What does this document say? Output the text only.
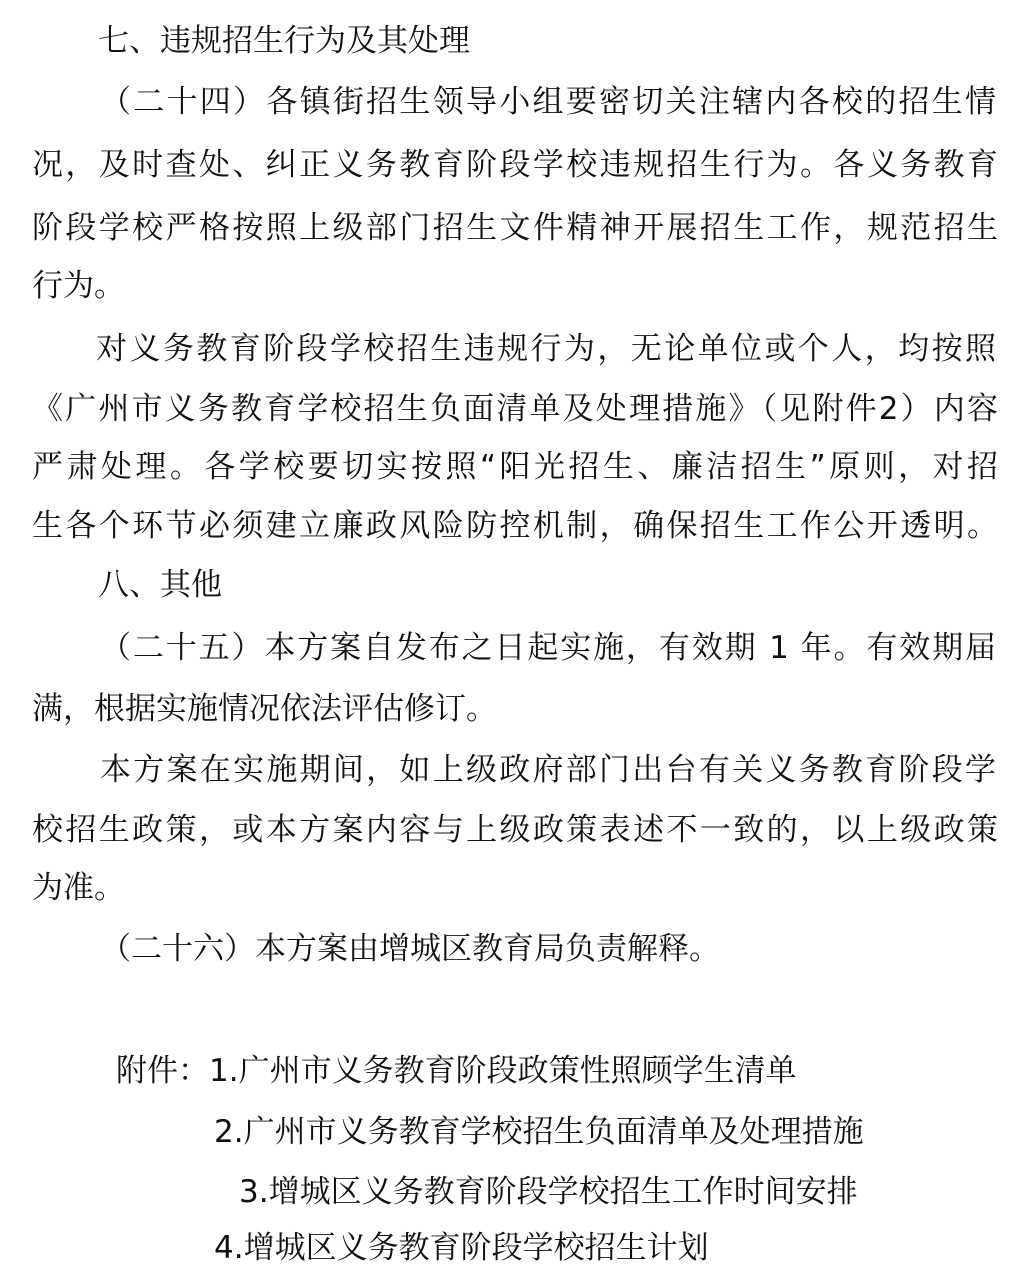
七、违规招生行为及其处理
（二十四）各镇街招生领导小组要密切关注辖内各校的招生情
况，及时查处、纠正义务教育阶段学校违规招生行为。各义务教育
阶段学校严格按照上级部门招生文件精神开展招生工作，规范招生
行为。
对义务教育阶段学校招生违规行为，无论单位或个人，均按照
《广州市义务教育学校招生负面清单及处理措施》（见附件2）内容
严肃处理。各学校要切实按照“阳光招生、廉洁招生”原则，对招
生各个环节必须建立廉政风险防控机制，确保招生工作公开透明。
八、其他
（二十五）本方案自发布之日起实施，有效期 1 年。有效期届
满，根据实施情况依法评估修订。
本方案在实施期间，如上级政府部门出台有关义务教育阶段学
校招生政策，或本方案内容与上级政策表述不一致的，以上级政策
为准。
（二十六）本方案由增城区教育局负责解释。
附件：1.广州市义务教育阶段政策性照顾学生清单
2.广州市义务教育学校招生负面清单及处理措施
3.增城区义务教育阶段学校招生工作时间安排
4.增城区义务教育阶段学校招生计划
